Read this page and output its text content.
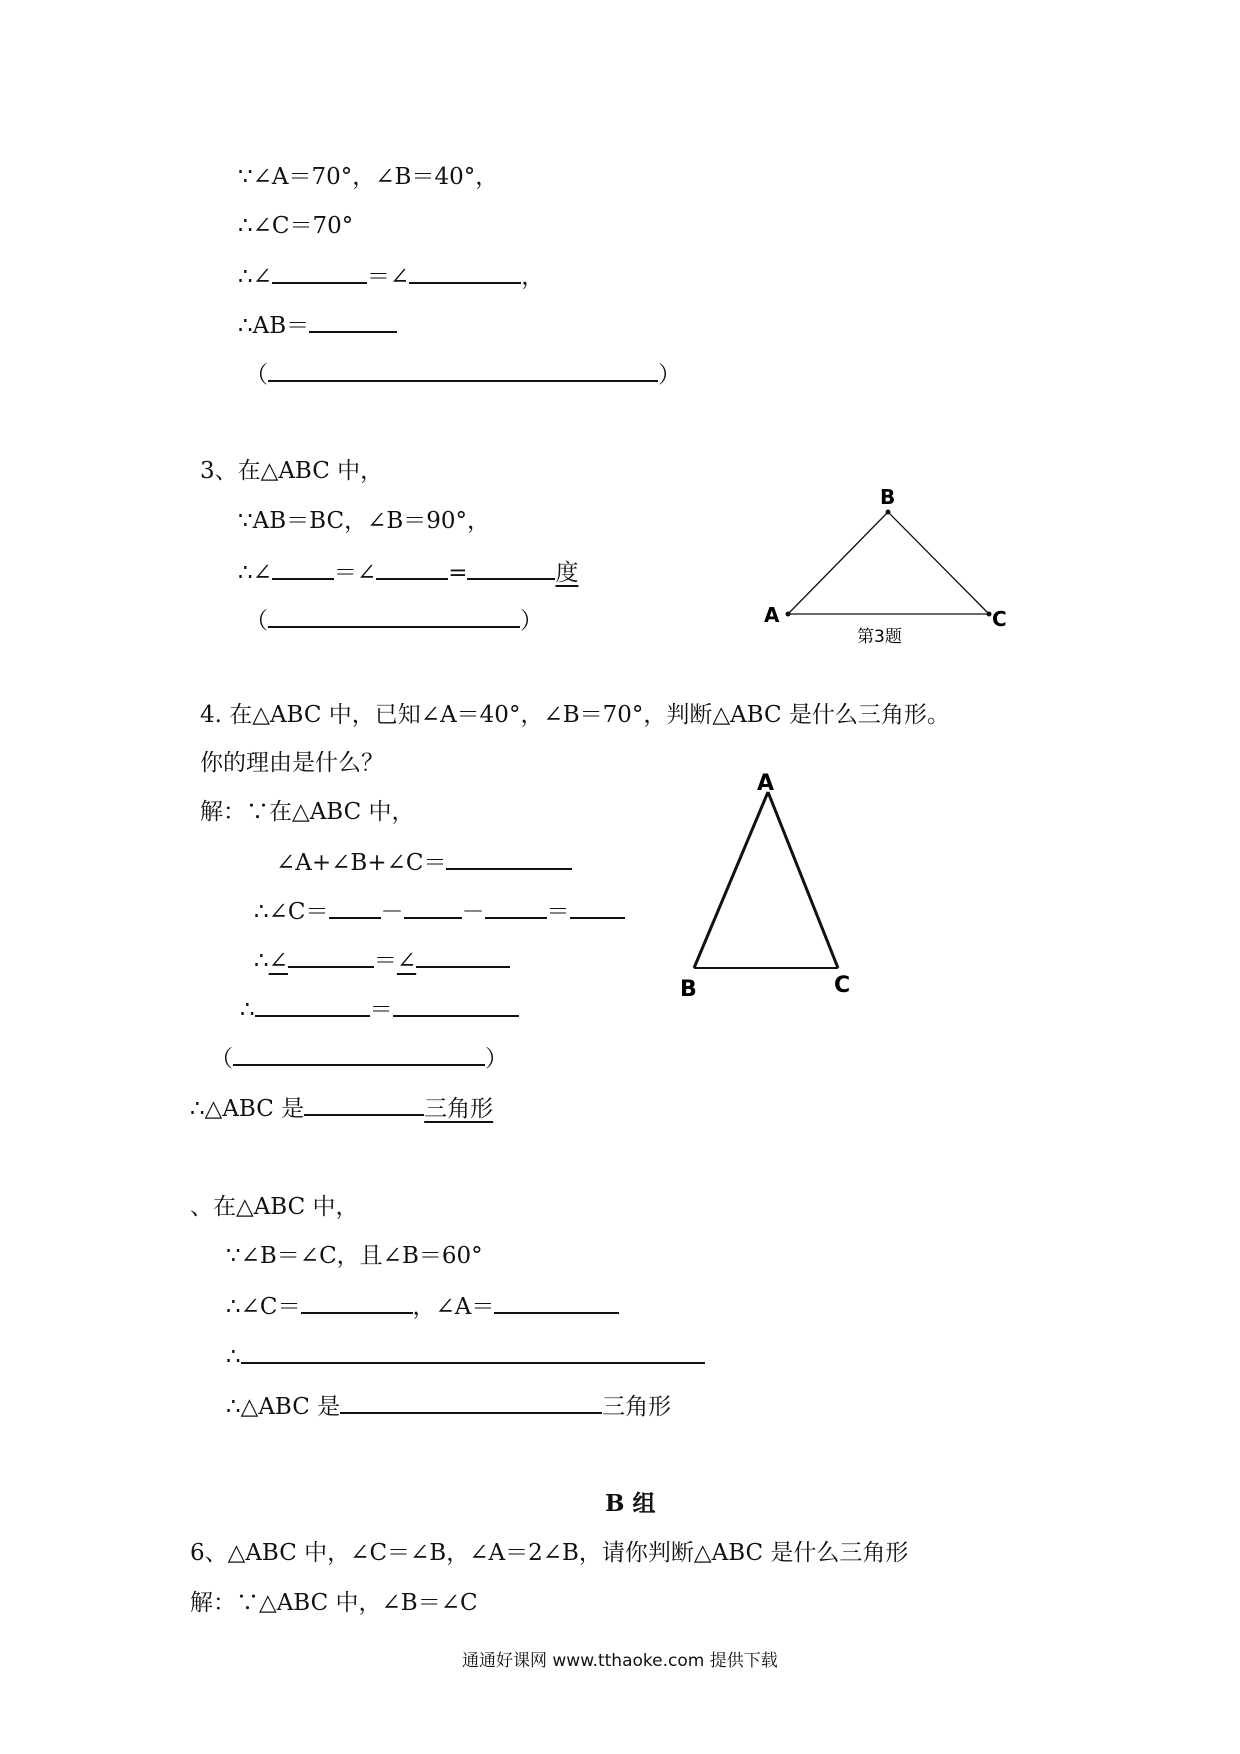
∵∠A＝70°，∠B＝40°，
∴∠C＝70°
∴∠	＝∠	，
∴AB＝
（	）
3、在△ABC 中，
∵AB＝BC，∠B＝90°，
∴∠	＝∠	=	度
（	）
B
A	C
第3题
4. 在△ABC 中，已知∠A＝40°，∠B＝70°，判断△ABC 是什么三角形。
你的理由是什么？
解：∵在△ABC 中，
∠A+∠B+∠C＝
∴∠C＝ －	－	＝
∴∠	＝∠
∴	＝
（	）
∴△ABC 是	三角形
A
B	C
、在△ABC 中，
∵∠B＝∠C，且∠B＝60°
∴∠C＝	，∠A＝
∴
∴△ABC 是	三角形
B 组
6、△ABC 中，∠C＝∠B，∠A＝2∠B，请你判断△ABC 是什么三角形
解：∵△ABC 中，∠B＝∠C
通通好课网 www.tthaoke.com 提供下载
